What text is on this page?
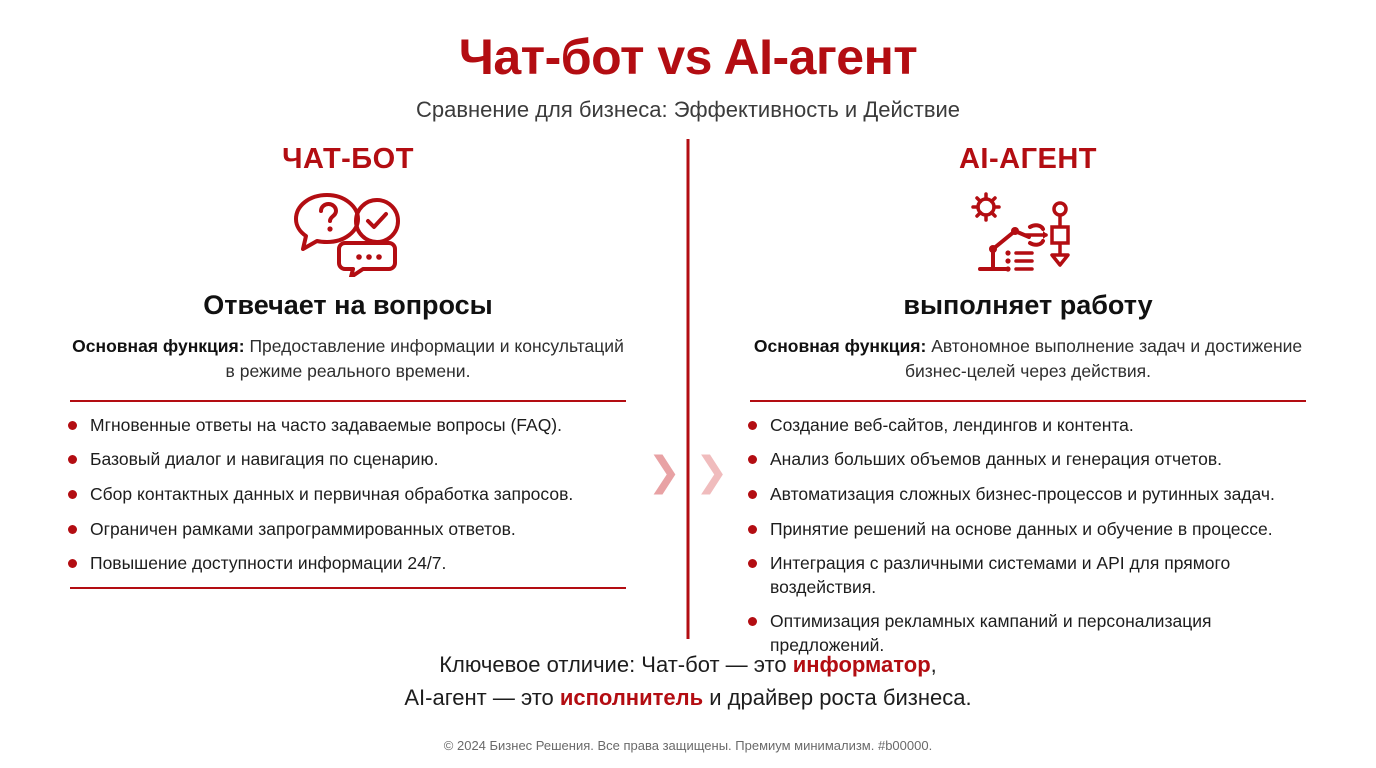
Чат-бот vs AI-агент
Сравнение для бизнеса: Эффективность и Действие
ЧАТ-БОТ
Отвечает на вопросы
Основная функция: Предоставление информации и консультаций в режиме реального времени.
Мгновенные ответы на часто задаваемые вопросы (FAQ).
Базовый диалог и навигация по сценарию.
Сбор контактных данных и первичная обработка запросов.
Ограничен рамками запрограммированных ответов.
Повышение доступности информации 24/7.
AI-АГЕНТ
выполняет работу
Основная функция: Автономное выполнение задач и достижение бизнес-целей через действия.
Создание веб-сайтов, лендингов и контента.
Анализ больших объемов данных и генерация отчетов.
Автоматизация сложных бизнес-процессов и рутинных задач.
Принятие решений на основе данных и обучение в процессе.
Интеграция с различными системами и API для прямого воздействия.
Оптимизация рекламных кампаний и персонализация предложений.
❯ ❯
Ключевое отличие: Чат-бот — это информатор,
AI-агент — это исполнитель и драйвер роста бизнеса.
© 2024 Бизнес Решения. Все права защищены. Премиум минимализм. #b00000.
